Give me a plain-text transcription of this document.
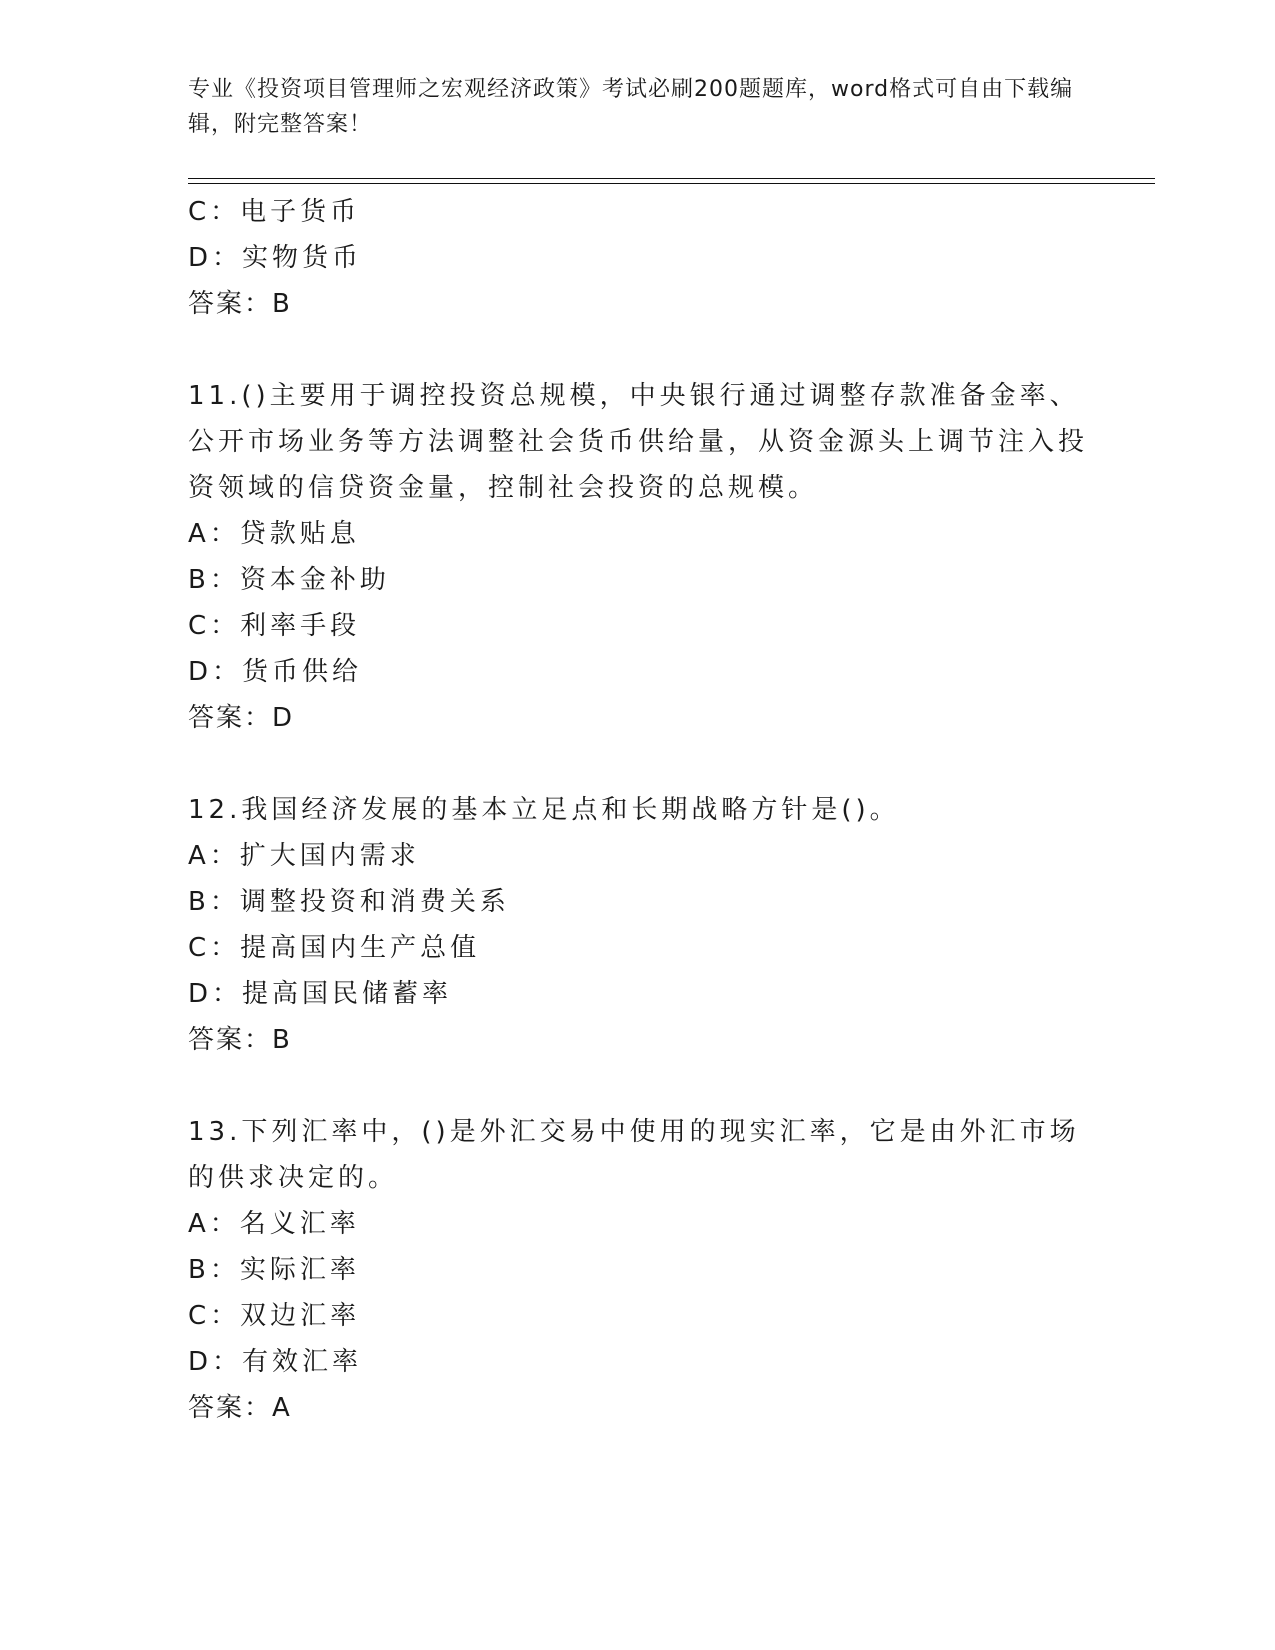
专业《投资项目管理师之宏观经济政策》考试必刷200题题库，word格式可自由下载编辑，附完整答案！
C：电子货币
D：实物货币
答案：B
11.()主要用于调控投资总规模，中央银行通过调整存款准备金率、公开市场业务等方法调整社会货币供给量，从资金源头上调节注入投资领域的信贷资金量，控制社会投资的总规模。
A：贷款贴息
B：资本金补助
C：利率手段
D：货币供给
答案：D
12.我国经济发展的基本立足点和长期战略方针是()。
A：扩大国内需求
B：调整投资和消费关系
C：提高国内生产总值
D：提高国民储蓄率
答案：B
13.下列汇率中，()是外汇交易中使用的现实汇率，它是由外汇市场的供求决定的。
A：名义汇率
B：实际汇率
C：双边汇率
D：有效汇率
答案：A
